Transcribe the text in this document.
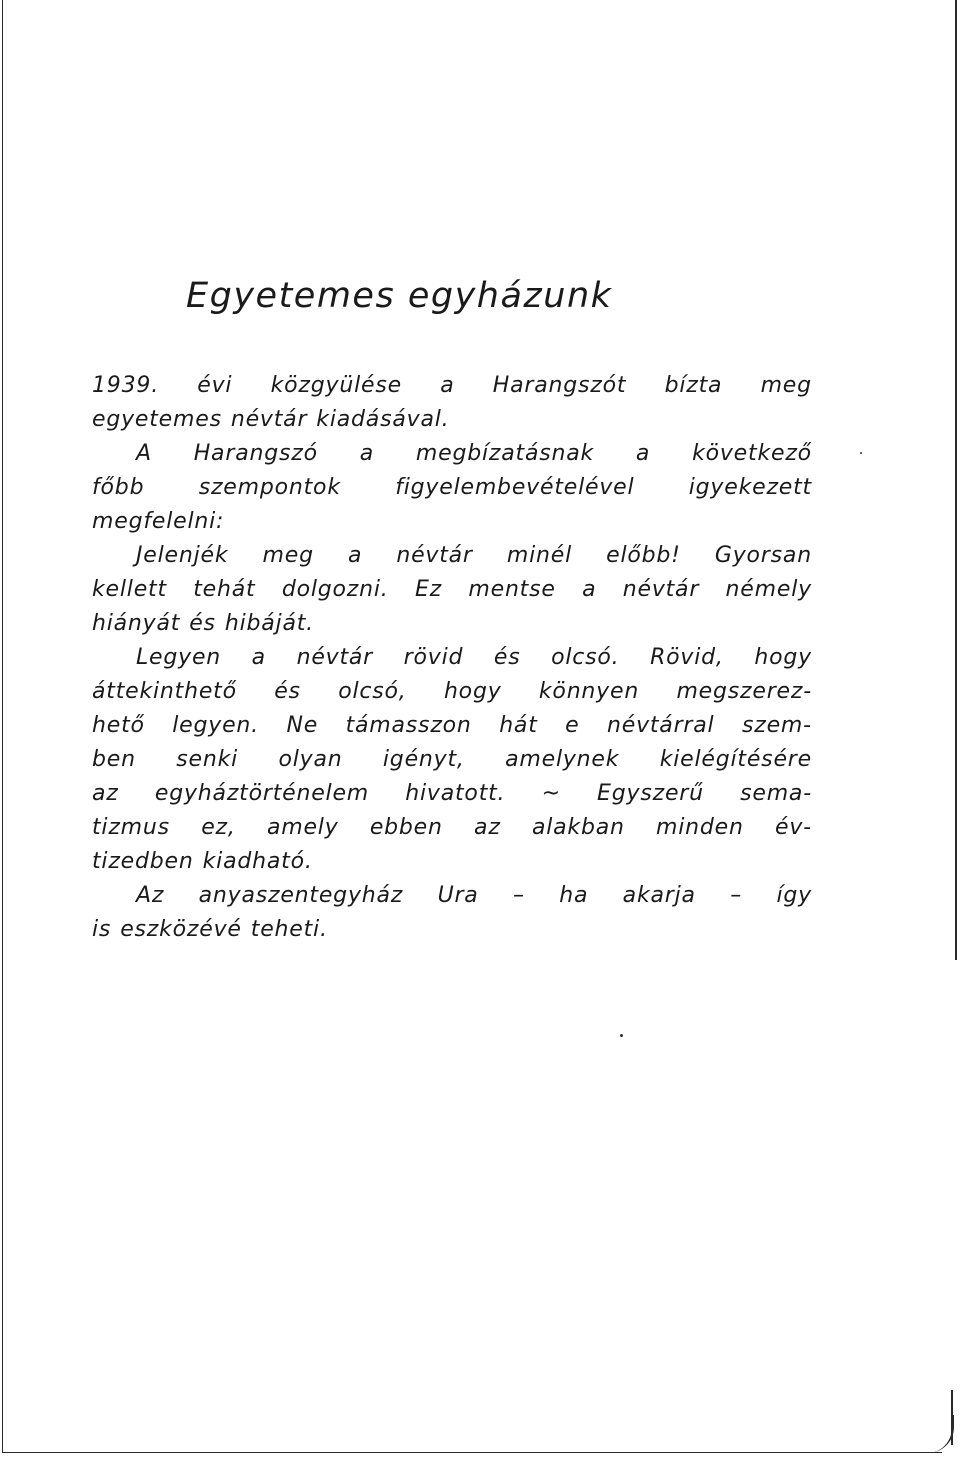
Egyetemes egyházunk
1939. évi közgyülése a Harangszót bízta meg
egyetemes névtár kiadásával.
A Harangszó a megbízatásnak a következő
főbb szempontok figyelembevételével igyekezett
megfelelni:
Jelenjék meg a névtár minél előbb! Gyorsan
kellett tehát dolgozni. Ez mentse a névtár némely
hiányát és hibáját.
Legyen a névtár rövid és olcsó. Rövid, hogy
áttekinthető és olcsó, hogy könnyen megszerez-
hető legyen. Ne támasszon hát e névtárral szem-
ben senki olyan igényt, amelynek kielégítésére
az egyháztörténelem hivatott. ~ Egyszerű sema-
tizmus ez, amely ebben az alakban minden év-
tizedben kiadható.
Az anyaszentegyház Ura – ha akarja – így
is eszközévé teheti.
